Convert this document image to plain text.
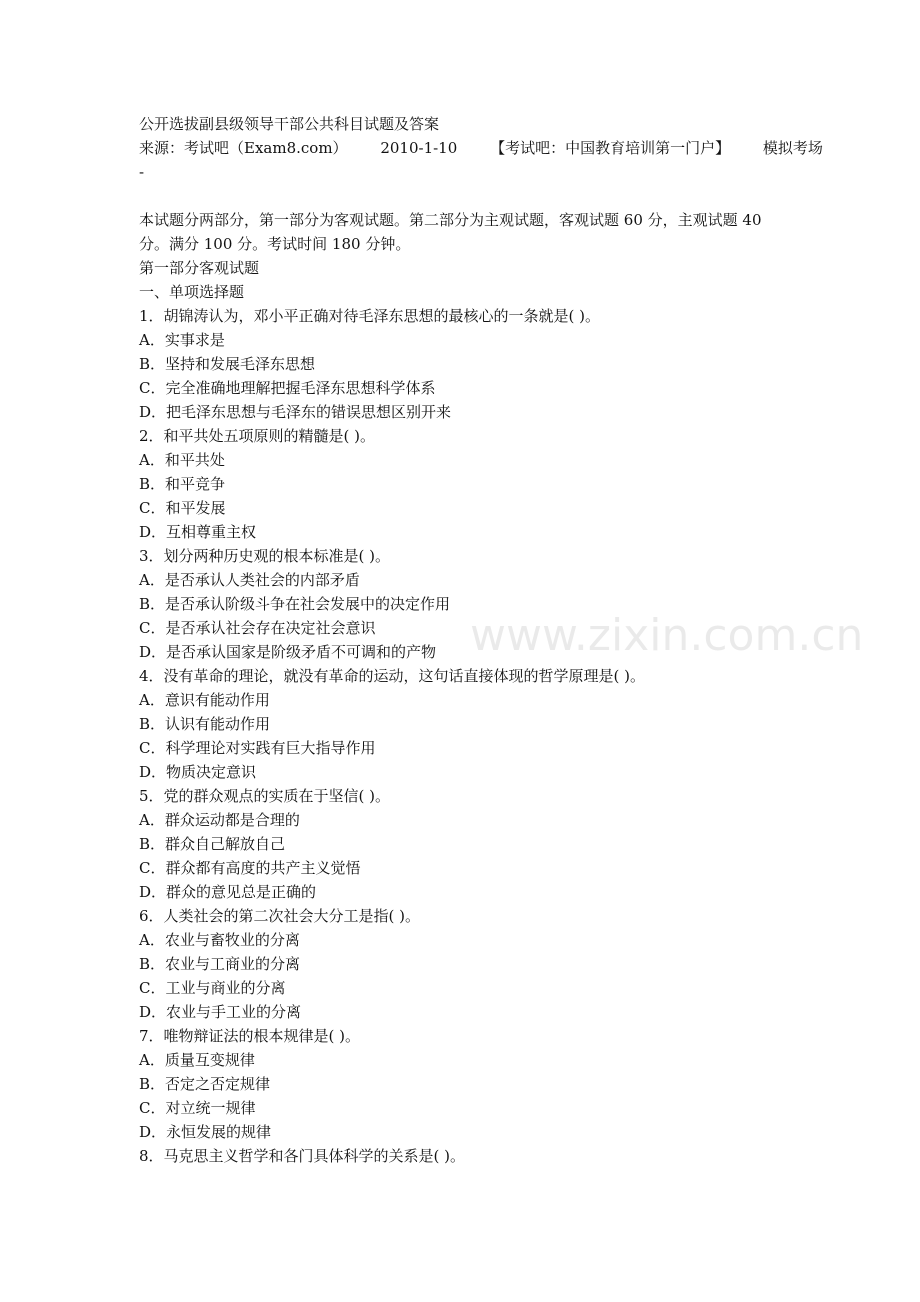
www.zixin.com.cn
公开选拔副县级领导干部公共科目试题及答案
来源：考试吧（Exam8.com） 2010-1-10 【考试吧：中国教育培训第一门户】 模拟考场
-
本试题分两部分，第一部分为客观试题。第二部分为主观试题，客观试题 60 分，主观试题 40 分。满分 100 分。考试时间 180 分钟。
第一部分客观试题
一、单项选择题
1．胡锦涛认为，邓小平正确对待毛泽东思想的最核心的一条就是( )。
A．实事求是
B．坚持和发展毛泽东思想
C．完全准确地理解把握毛泽东思想科学体系
D．把毛泽东思想与毛泽东的错误思想区别开来
2．和平共处五项原则的精髓是( )。
A．和平共处
B．和平竞争
C．和平发展
D．互相尊重主权
3．划分两种历史观的根本标准是( )。
A．是否承认人类社会的内部矛盾
B．是否承认阶级斗争在社会发展中的决定作用
C．是否承认社会存在决定社会意识
D．是否承认国家是阶级矛盾不可调和的产物
4．没有革命的理论，就没有革命的运动，这句话直接体现的哲学原理是( )。
A．意识有能动作用
B．认识有能动作用
C．科学理论对实践有巨大指导作用
D．物质决定意识
5．党的群众观点的实质在于坚信( )。
A．群众运动都是合理的
B．群众自己解放自己
C．群众都有高度的共产主义觉悟
D．群众的意见总是正确的
6．人类社会的第二次社会大分工是指( )。
A．农业与畜牧业的分离
B．农业与工商业的分离
C．工业与商业的分离
D．农业与手工业的分离
7．唯物辩证法的根本规律是( )。
A．质量互变规律
B．否定之否定规律
C．对立统一规律
D．永恒发展的规律
8．马克思主义哲学和各门具体科学的关系是( )。
